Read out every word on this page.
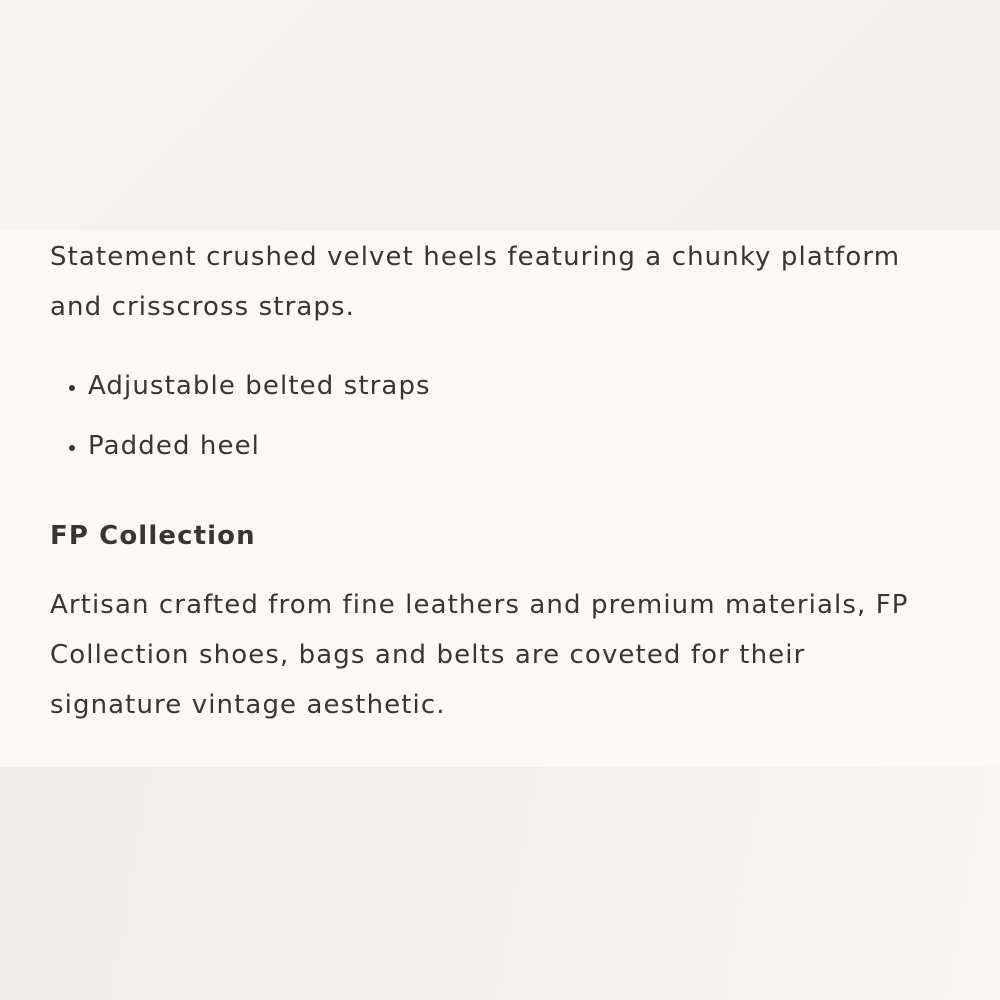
Statement crushed velvet heels featuring a chunky platform and crisscross straps.

• Adjustable belted straps
• Padded heel
FP Collection

Artisan crafted from fine leathers and premium materials, FP Collection shoes, bags and belts are coveted for their signature vintage aesthetic.
